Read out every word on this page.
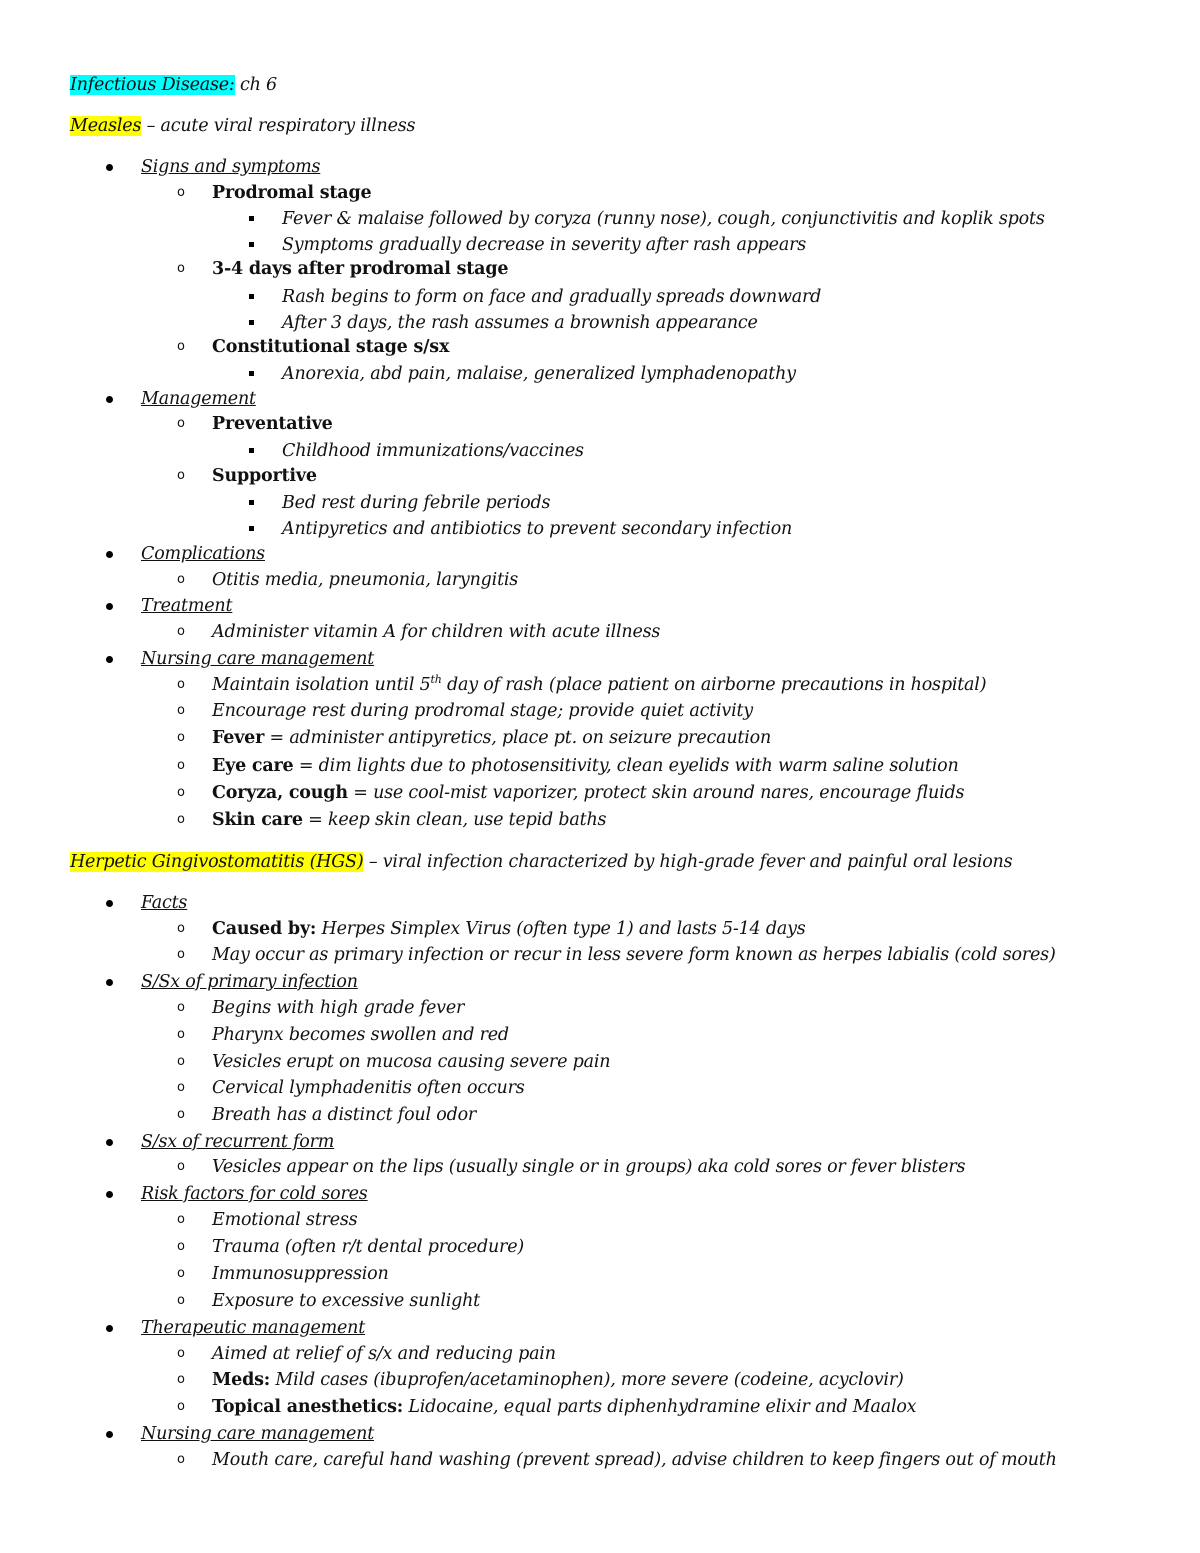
Infectious Disease: ch 6
Measles – acute viral respiratory illness
Signs and symptoms
o Prodromal stage
Fever & malaise followed by coryza (runny nose), cough, conjunctivitis and koplik spots
Symptoms gradually decrease in severity after rash appears
o 3-4 days after prodromal stage
Rash begins to form on face and gradually spreads downward
After 3 days, the rash assumes a brownish appearance
o Constitutional stage s/sx
Anorexia, abd pain, malaise, generalized lymphadenopathy
Management
o Preventative
Childhood immunizations/vaccines
o Supportive
Bed rest during febrile periods
Antipyretics and antibiotics to prevent secondary infection
Complications
o Otitis media, pneumonia, laryngitis
Treatment
o Administer vitamin A for children with acute illness
Nursing care management
o Maintain isolation until 5th day of rash (place patient on airborne precautions in hospital)
o Encourage rest during prodromal stage; provide quiet activity
o Fever = administer antipyretics, place pt. on seizure precaution
o Eye care = dim lights due to photosensitivity, clean eyelids with warm saline solution
o Coryza, cough = use cool-mist vaporizer, protect skin around nares, encourage fluids
o Skin care = keep skin clean, use tepid baths
Herpetic Gingivostomatitis (HGS) – viral infection characterized by high-grade fever and painful oral lesions
Facts
o Caused by: Herpes Simplex Virus (often type 1) and lasts 5-14 days
o May occur as primary infection or recur in less severe form known as herpes labialis (cold sores)
S/Sx of primary infection
o Begins with high grade fever
o Pharynx becomes swollen and red
o Vesicles erupt on mucosa causing severe pain
o Cervical lymphadenitis often occurs
o Breath has a distinct foul odor
S/sx of recurrent form
o Vesicles appear on the lips (usually single or in groups) aka cold sores or fever blisters
Risk factors for cold sores
o Emotional stress
o Trauma (often r/t dental procedure)
o Immunosuppression
o Exposure to excessive sunlight
Therapeutic management
o Aimed at relief of s/x and reducing pain
o Meds: Mild cases (ibuprofen/acetaminophen), more severe (codeine, acyclovir)
o Topical anesthetics: Lidocaine, equal parts diphenhydramine elixir and Maalox
Nursing care management
o Mouth care, careful hand washing (prevent spread), advise children to keep fingers out of mouth
